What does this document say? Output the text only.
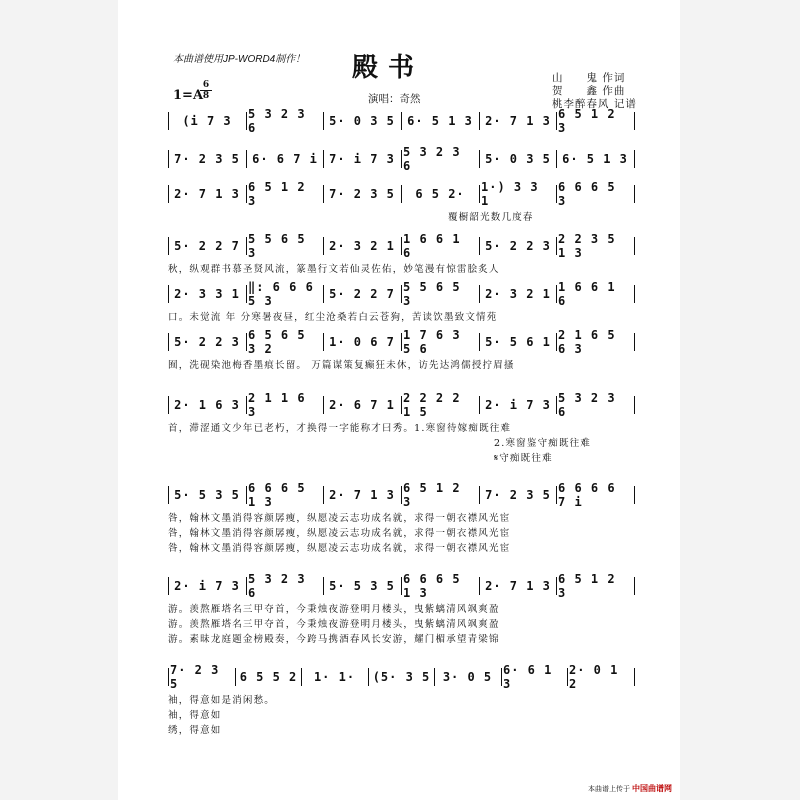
本曲谱使用JP-WORD4制作！ 殿书	山　　鬼 作词
贺　　鑫 作曲
桃李醉春风 记谱
1=A
$\frac{6}{8}$	演唱：奇然
(i 7 3	5 3 2 3 6	5· 0 3 5	6· 5 1 3	2· 7 1 3 6 5 1 2 3
7· 2 3 5	6· 6 7 i 7· i 7 3 5 3 2 3 6	5· 0 3 5 6· 5 1 3
2· 7 1 3 6 5 1 2 3	7· 2 3 5	6 5 2·	1·) 3 3 1
6 6 6 5 3
覆橱韶光数几度春
5· 2 2 7 5 5 6 5 3	2· 3 2 1 1 6 6 1 6	5· 2 2 3 2 2 3 5 1 3
秋，纵观群书慕圣贤风流，篆墨行文若仙灵佐佑，妙笔漫有惊雷脍炙人
2· 3 3 1 ‖: 6 6 6 5 3	5· 2 2 7 5 5 6 5 3	2· 3 2 1 1 6 6 1 6
口。未觉流 年 分寒暑夜昼，红尘沧桑若白云苍狗，苦读饮墨致文情苑
5· 2 2 3 6 5 6 5 3 2	1· 0 6 7 1 7 6 3 5 6	5· 5 6 1 2 1 6 5 6 3
囿，洗砚染池梅香墨痕长留。 万篇谋策复癫狂未休，访先达鸿儒授拧眉搔
2· 1 6 3 2 1 1 6 3	2· 6 7 1 2 2 2 2 1 5	2· i 7 3 5 3 2 3 6
首，滞涩通文少年已老朽，才换得一字能称才曰秀。1.寒窗待嫁痴既往难
2.寒窗鉴守痴既往难
𝄋守痴既往难
5· 5 3 5 6 6 6 5 1 3	2· 7 1 3 6 5 1 2 3	7· 2 3 5 6 6 6 6 7 i
咎，翰林文墨消得容颜孱瘦，纵愿凌云志功成名就，求得一朝衣襟风光宦
咎，翰林文墨消得容颜孱瘦，纵愿凌云志功成名就，求得一朝衣襟风光宦
咎，翰林文墨消得容颜孱瘦，纵愿凌云志功成名就，求得一朝衣襟风光宦
2· i 7 3 5 3 2 3 6	5· 5 3 5 6 6 6 5 1 3	2· 7 1 3 6 5 1 2 3
游。羡熬雁塔名三甲夺首，今秉烛夜游登明月楼头，曳紫螭清风飒爽盈
游。羡熬雁塔名三甲夺首，今秉烛夜游登明月楼头，曳紫螭清风飒爽盈
游。素昧龙庭题金榜殿奏，今跨马携酒春风长安游，耀门楣承望青梁锦
7· 2 3 5	6 5 5 2	1· 1·	(5· 3 5	3· 0 5 6· 6 1 3
2· 0 1 2
袖，得意如是消闲愁。
袖，得意如
绣，得意如
本曲谱上传于 中国曲谱网
